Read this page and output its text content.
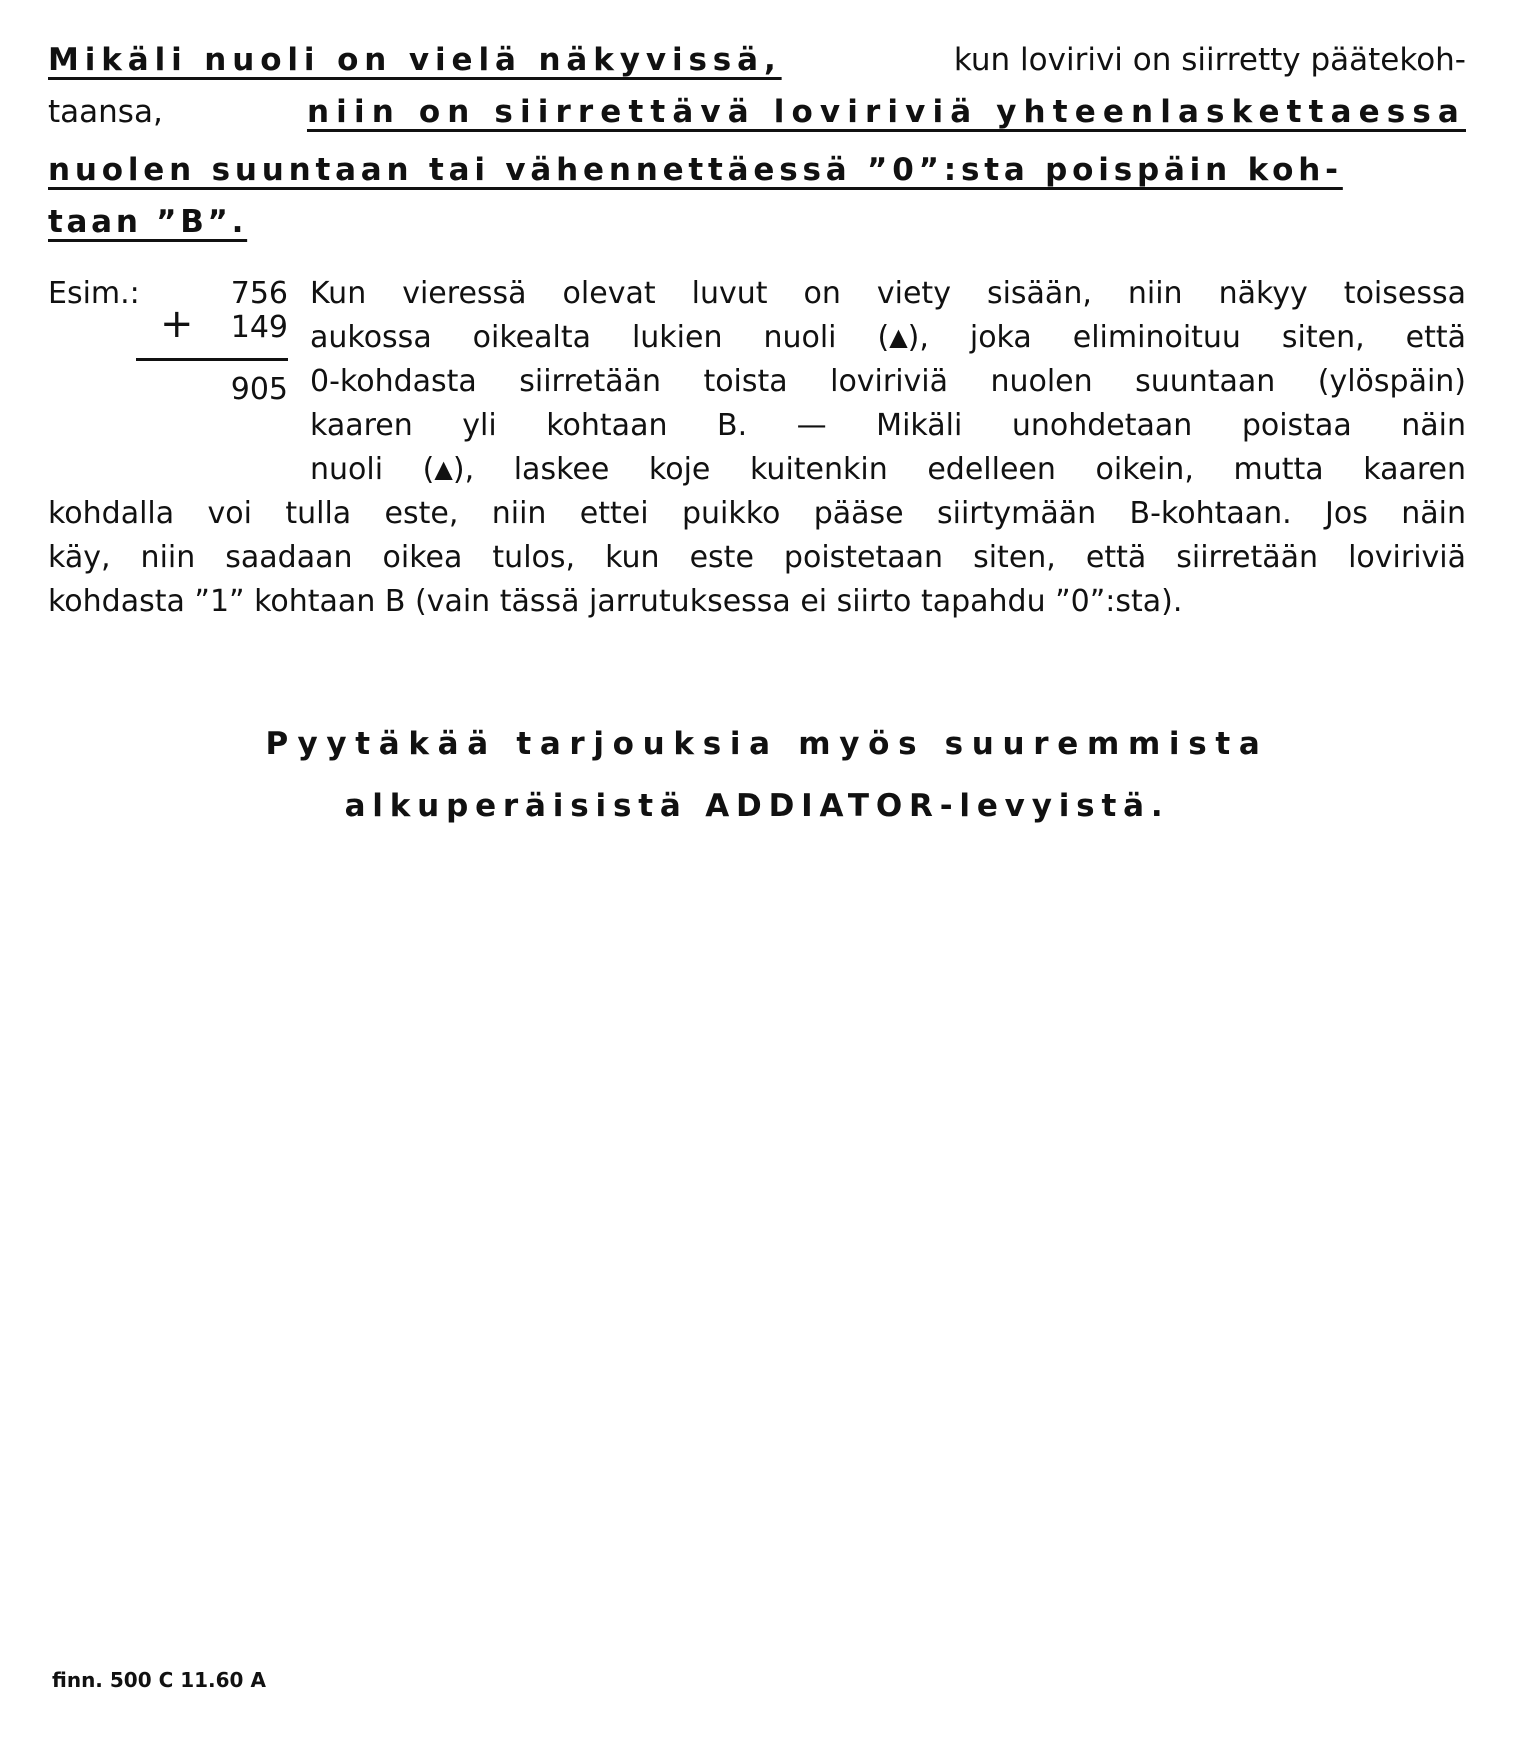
Mikäli nuoli on vielä näkyvissä,	kun lovirivi on siirretty päätekoh-
taansa,	niin on siirrettävä loviriviä yhteenlaskettaessa
nuolen suuntaan tai vähennettäessä ”0”:sta poispäin koh-
taan ”B”.
Esim.:	756
+ 149
905
Kun vieressä olevat luvut on viety sisään, niin näkyy toisessa
aukossa oikealta lukien nuoli (▲), joka eliminoituu siten, että
0-kohdasta siirretään toista loviriviä nuolen suuntaan (ylöspäin)
kaaren yli kohtaan B. — Mikäli unohdetaan poistaa näin
nuoli (▲), laskee koje kuitenkin edelleen oikein, mutta kaaren
kohdalla voi tulla este, niin ettei puikko pääse siirtymään B-kohtaan. Jos näin
käy, niin saadaan oikea tulos, kun este poistetaan siten, että siirretään loviriviä
kohdasta ”1” kohtaan B (vain tässä jarrutuksessa ei siirto tapahdu ”0”:sta).
Pyytäkää tarjouksia myös suuremmista
alkuperäisistä ADDIATOR-levyistä.
finn. 500 C 11.60 A
